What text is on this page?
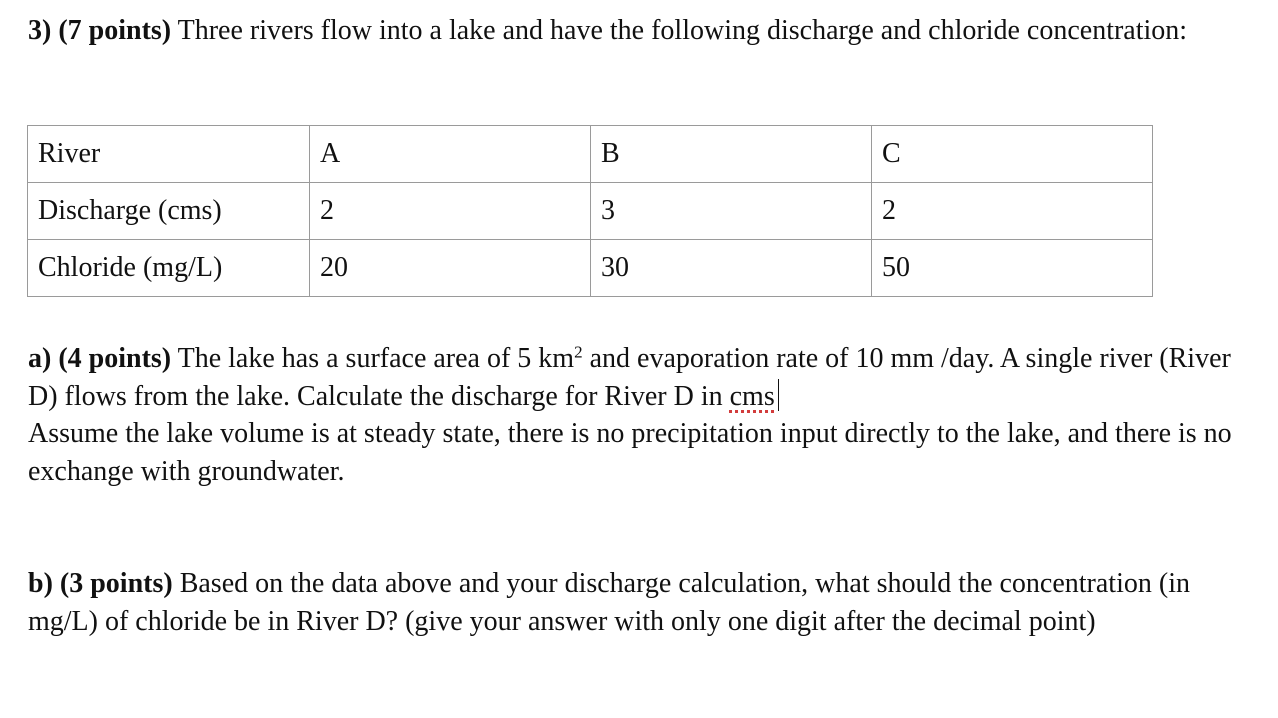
3) (7 points) Three rivers flow into a lake and have the following discharge and chloride concentration:

River	A	B	C
Discharge (cms)	2	3	2
Chloride (mg/L)	20	30	50

a) (4 points) The lake has a surface area of 5 $km^2$ and evaporation rate of 10 mm /day. A single river (River D) flows from the lake. Calculate the discharge for River D in cms
Assume the lake volume is at steady state, there is no precipitation input directly to the lake, and there is no exchange with groundwater.

b) (3 points) Based on the data above and your discharge calculation, what should the concentration (in mg/L) of chloride be in River D? (give your answer with only one digit after the decimal point)
